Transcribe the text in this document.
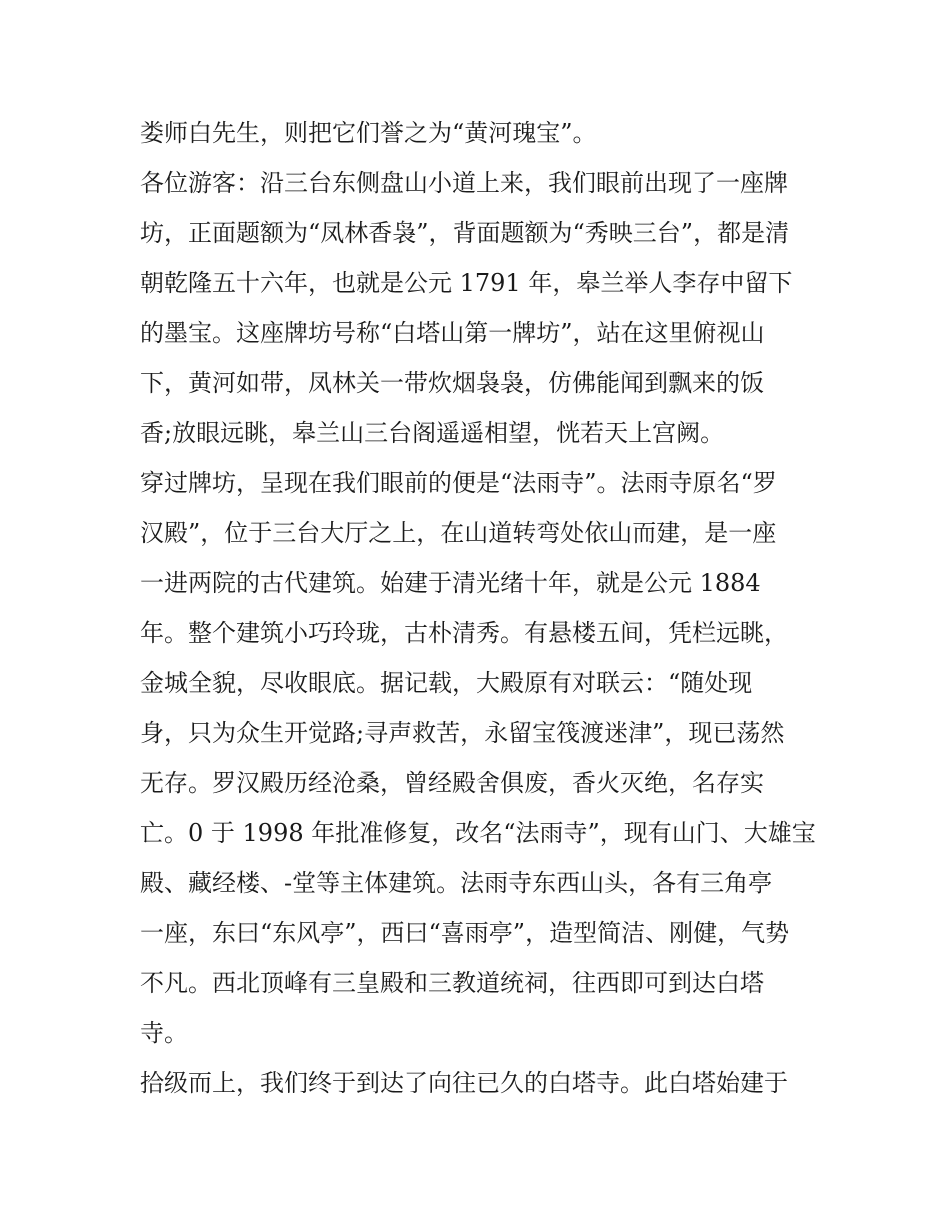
娄师白先生，则把它们誉之为“黄河瑰宝”。
各位游客：沿三台东侧盘山小道上来，我们眼前出现了一座牌
坊，正面题额为“凤林香袅”，背面题额为“秀映三台”，都是清
朝乾隆五十六年，也就是公元 1791 年，皋兰举人李存中留下
的墨宝。这座牌坊号称“白塔山第一牌坊”，站在这里俯视山
下，黄河如带，凤林关一带炊烟袅袅，仿佛能闻到飘来的饭
香;放眼远眺，皋兰山三台阁遥遥相望，恍若天上宫阙。
穿过牌坊，呈现在我们眼前的便是“法雨寺”。法雨寺原名“罗
汉殿”，位于三台大厅之上，在山道转弯处依山而建，是一座
一进两院的古代建筑。始建于清光绪十年，就是公元 1884
年。整个建筑小巧玲珑，古朴清秀。有悬楼五间，凭栏远眺，
金城全貌，尽收眼底。据记载，大殿原有对联云：“随处现
身，只为众生开觉路;寻声救苦，永留宝筏渡迷津”，现已荡然
无存。罗汉殿历经沧桑，曾经殿舍俱废，香火灭绝，名存实
亡。0 于 1998 年批准修复，改名“法雨寺”，现有山门、大雄宝
殿、藏经楼、-堂等主体建筑。法雨寺东西山头，各有三角亭
一座，东曰“东风亭”，西曰“喜雨亭”，造型简洁、刚健，气势
不凡。西北顶峰有三皇殿和三教道统祠，往西即可到达白塔
寺。
拾级而上，我们终于到达了向往已久的白塔寺。此白塔始建于
